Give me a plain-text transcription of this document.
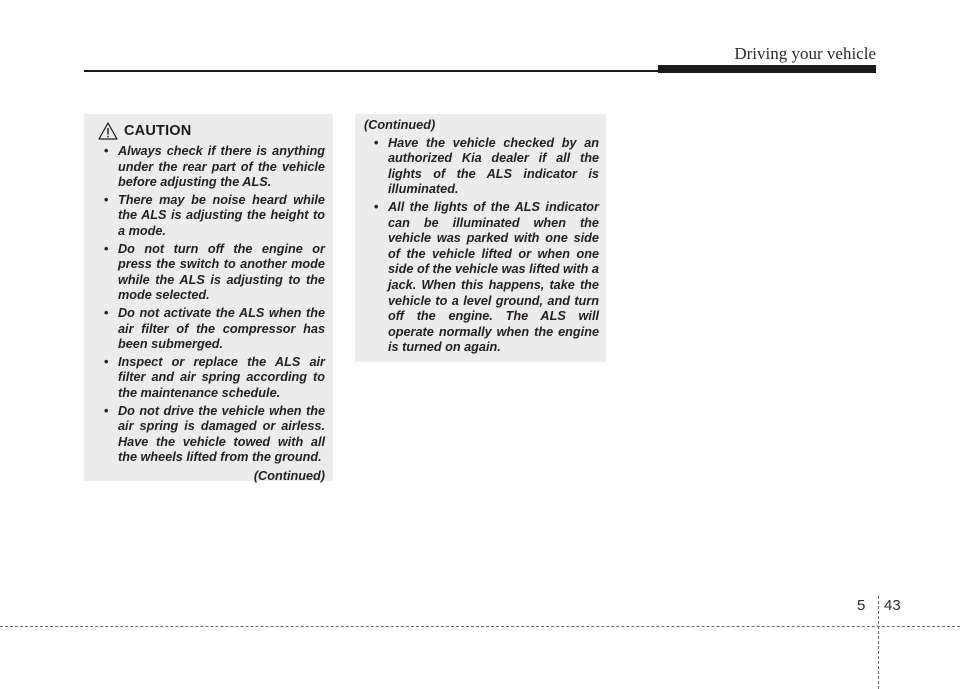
Driving your vehicle
CAUTION
• Always check if there is anything under the rear part of the vehicle before adjusting the ALS.
• There may be noise heard while the ALS is adjusting the height to a mode.
• Do not turn off the engine or press the switch to another mode while the ALS is adjusting to the mode selected.
• Do not activate the ALS when the air filter of the compressor has been submerged.
• Inspect or replace the ALS air filter and air spring according to the maintenance schedule.
• Do not drive the vehicle when the air spring is damaged or airless. Have the vehicle towed with all the wheels lifted from the ground.
(Continued)
(Continued)
• Have the vehicle checked by an authorized Kia dealer if all the lights of the ALS indicator is illuminated.
• All the lights of the ALS indicator can be illuminated when the vehicle was parked with one side of the vehicle lifted or when one side of the vehicle was lifted with a jack. When this happens, take the vehicle to a level ground, and turn off the engine. The ALS will operate normally when the engine is turned on again.
5 43
